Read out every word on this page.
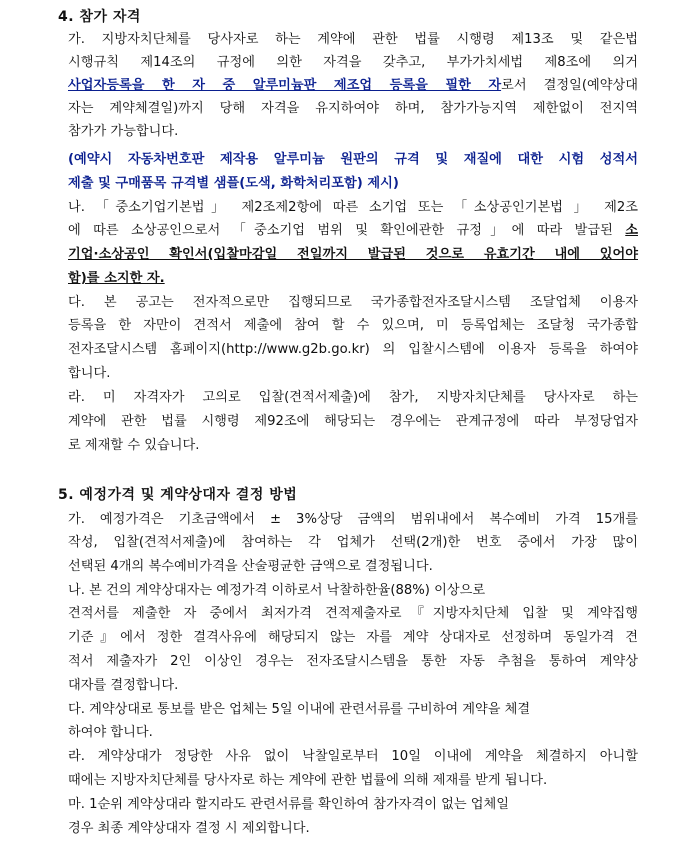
4. 참가 자격
가. 지방자치단체를 당사자로 하는 계약에 관한 법률 시행령 제13조 및 같은법
시행규칙 제14조의 규정에 의한 자격을 갖추고, 부가가치세법 제8조에 의거
사업자등록을 한 자 중 알루미늄판 제조업 등록을 필한 자로서 결정일(예약상대
자는 계약체결일)까지 당해 자격을 유지하여야 하며, 참가가능지역 제한없이 전지역
참가가 가능합니다.
(예약시 자동차번호판 제작용 알루미늄 원판의 규격 및 재질에 대한 시험 성적서
제출 및 구매품목 규격별 샘플(도색, 화학처리포함) 제시)
나. 「중소기업기본법」 제2조제2항에 따른 소기업 또는 「소상공인기본법 」 제2조
에 따른 소상공인으로서 「중소기업 범위 및 확인에관한 규정」에 따라 발급된 소
기업·소상공인 확인서(입찰마감일 전일까지 발급된 것으로 유효기간 내에 있어야
함)를 소지한 자.
다. 본 공고는 전자적으로만 집행되므로 국가종합전자조달시스템 조달업체 이용자
등록을 한 자만이 견적서 제출에 참여 할 수 있으며, 미 등록업체는 조달청 국가종합
전자조달시스템 홈페이지(http://www.g2b.go.kr) 의 입찰시스템에 이용자 등록을 하여야
합니다.
라. 미 자격자가 고의로 입찰(견적서제출)에 참가, 지방자치단체를 당사자로 하는
계약에 관한 법률 시행령 제92조에 해당되는 경우에는 관계규정에 따라 부정당업자
로 제재할 수 있습니다.
5. 예정가격 및 계약상대자 결정 방법
가. 예정가격은 기초금액에서 ± 3%상당 금액의 범위내에서 복수예비 가격 15개를
작성, 입찰(견적서제출)에 참여하는 각 업체가 선택(2개)한 번호 중에서 가장 많이
선택된 4개의 복수예비가격을 산술평균한 금액으로 결정됩니다.
나. 본 건의 계약상대자는 예정가격 이하로서 낙찰하한율(88%) 이상으로
견적서를 제출한 자 중에서 최저가격 견적제출자로『지방자치단체 입찰 및 계약집행
기준』에서 정한 결격사유에 해당되지 않는 자를 계약 상대자로 선정하며 동일가격 견
적서 제출자가 2인 이상인 경우는 전자조달시스템을 통한 자동 추첨을 통하여 계약상
대자를 결정합니다.
다. 계약상대로 통보를 받은 업체는 5일 이내에 관련서류를 구비하여 계약을 체결
하여야 합니다.
라. 계약상대가 정당한 사유 없이 낙찰일로부터 10일 이내에 계약을 체결하지 아니할
때에는 지방자치단체를 당사자로 하는 계약에 관한 법률에 의해 제재를 받게 됩니다.
마. 1순위 계약상대라 할지라도 관련서류를 확인하여 참가자격이 없는 업체일
경우 최종 계약상대자 결정 시 제외합니다.
